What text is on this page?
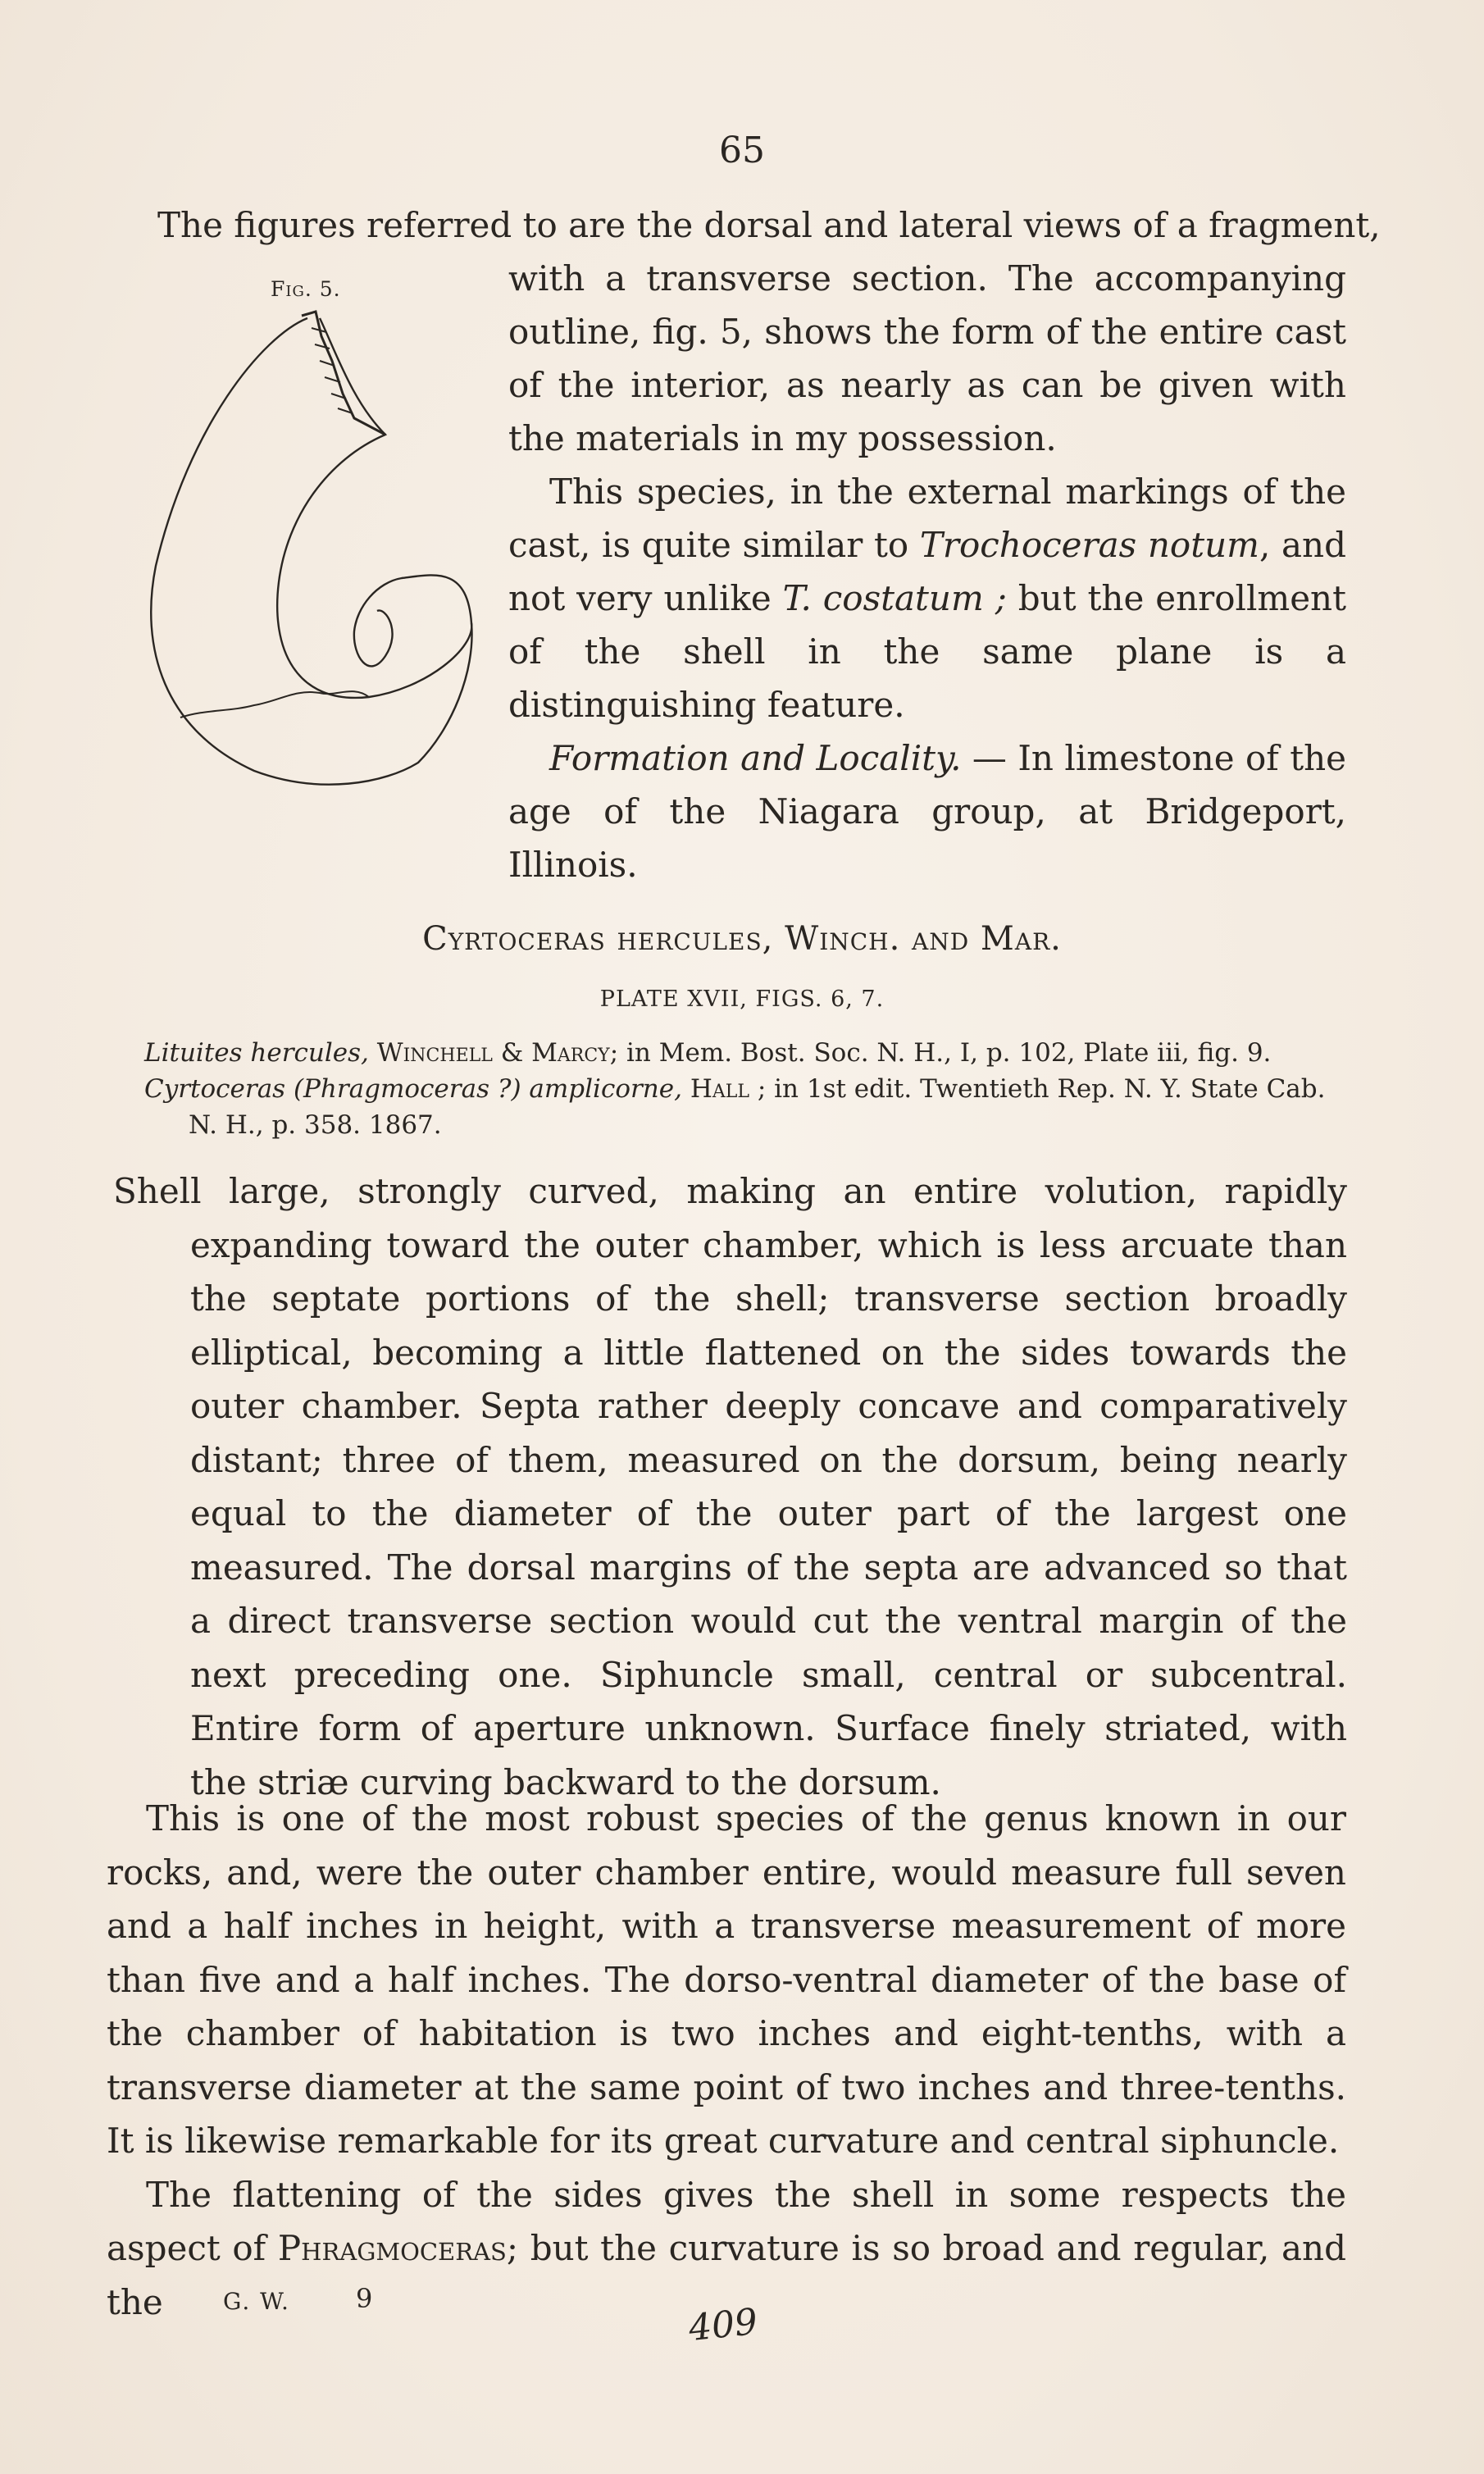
65
The figures referred to are the dorsal and lateral views of a fragment,
Fig. 5.	with a transverse section. The accompanying outline, fig. 5, shows the form of the entire cast of the interior, as nearly as can be given with the materials in my possession.

This species, in the external markings of the cast, is quite similar to Trochoceras notum, and not very unlike T. costatum ; but the enrollment of the shell in the same plane is a distinguishing feature.

Formation and Locality. — In limestone of the age of the Niagara group, at Bridgeport, Illinois.

Cyrtoceras hercules, Winch. and Mar.
PLATE XVII, FIGS. 6, 7.
Lituites hercules, Winchell & Marcy; in Mem. Bost. Soc. N. H., I, p. 102, Plate iii, fig. 9.
Cyrtoceras (Phragmoceras ?) amplicorne, Hall ; in 1st edit. Twentieth Rep. N. Y. State Cab.
N. H., p. 358. 1867.

Shell large, strongly curved, making an entire volution, rapidly expanding toward the outer chamber, which is less arcuate than the septate portions of the shell; transverse section broadly elliptical, becoming a little flattened on the sides towards the outer chamber. Septa rather deeply concave and comparatively distant; three of them, measured on the dorsum, being nearly equal to the diameter of the outer part of the largest one measured. The dorsal margins of the septa are advanced so that a direct transverse section would cut the ventral margin of the next preceding one. Siphuncle small, central or subcentral. Entire form of aperture unknown. Surface finely striated, with the striæ curving backward to the dorsum.

This is one of the most robust species of the genus known in our rocks, and, were the outer chamber entire, would measure full seven and a half inches in height, with a transverse measurement of more than five and a half inches. The dorso-ventral diameter of the base of the chamber of habitation is two inches and eight-tenths, with a transverse diameter at the same point of two inches and three-tenths. It is likewise remarkable for its great curvature and central siphuncle.

The flattening of the sides gives the shell in some respects the aspect of Phragmoceras; but the curvature is so broad and regular, and the	G. W.	9
409
